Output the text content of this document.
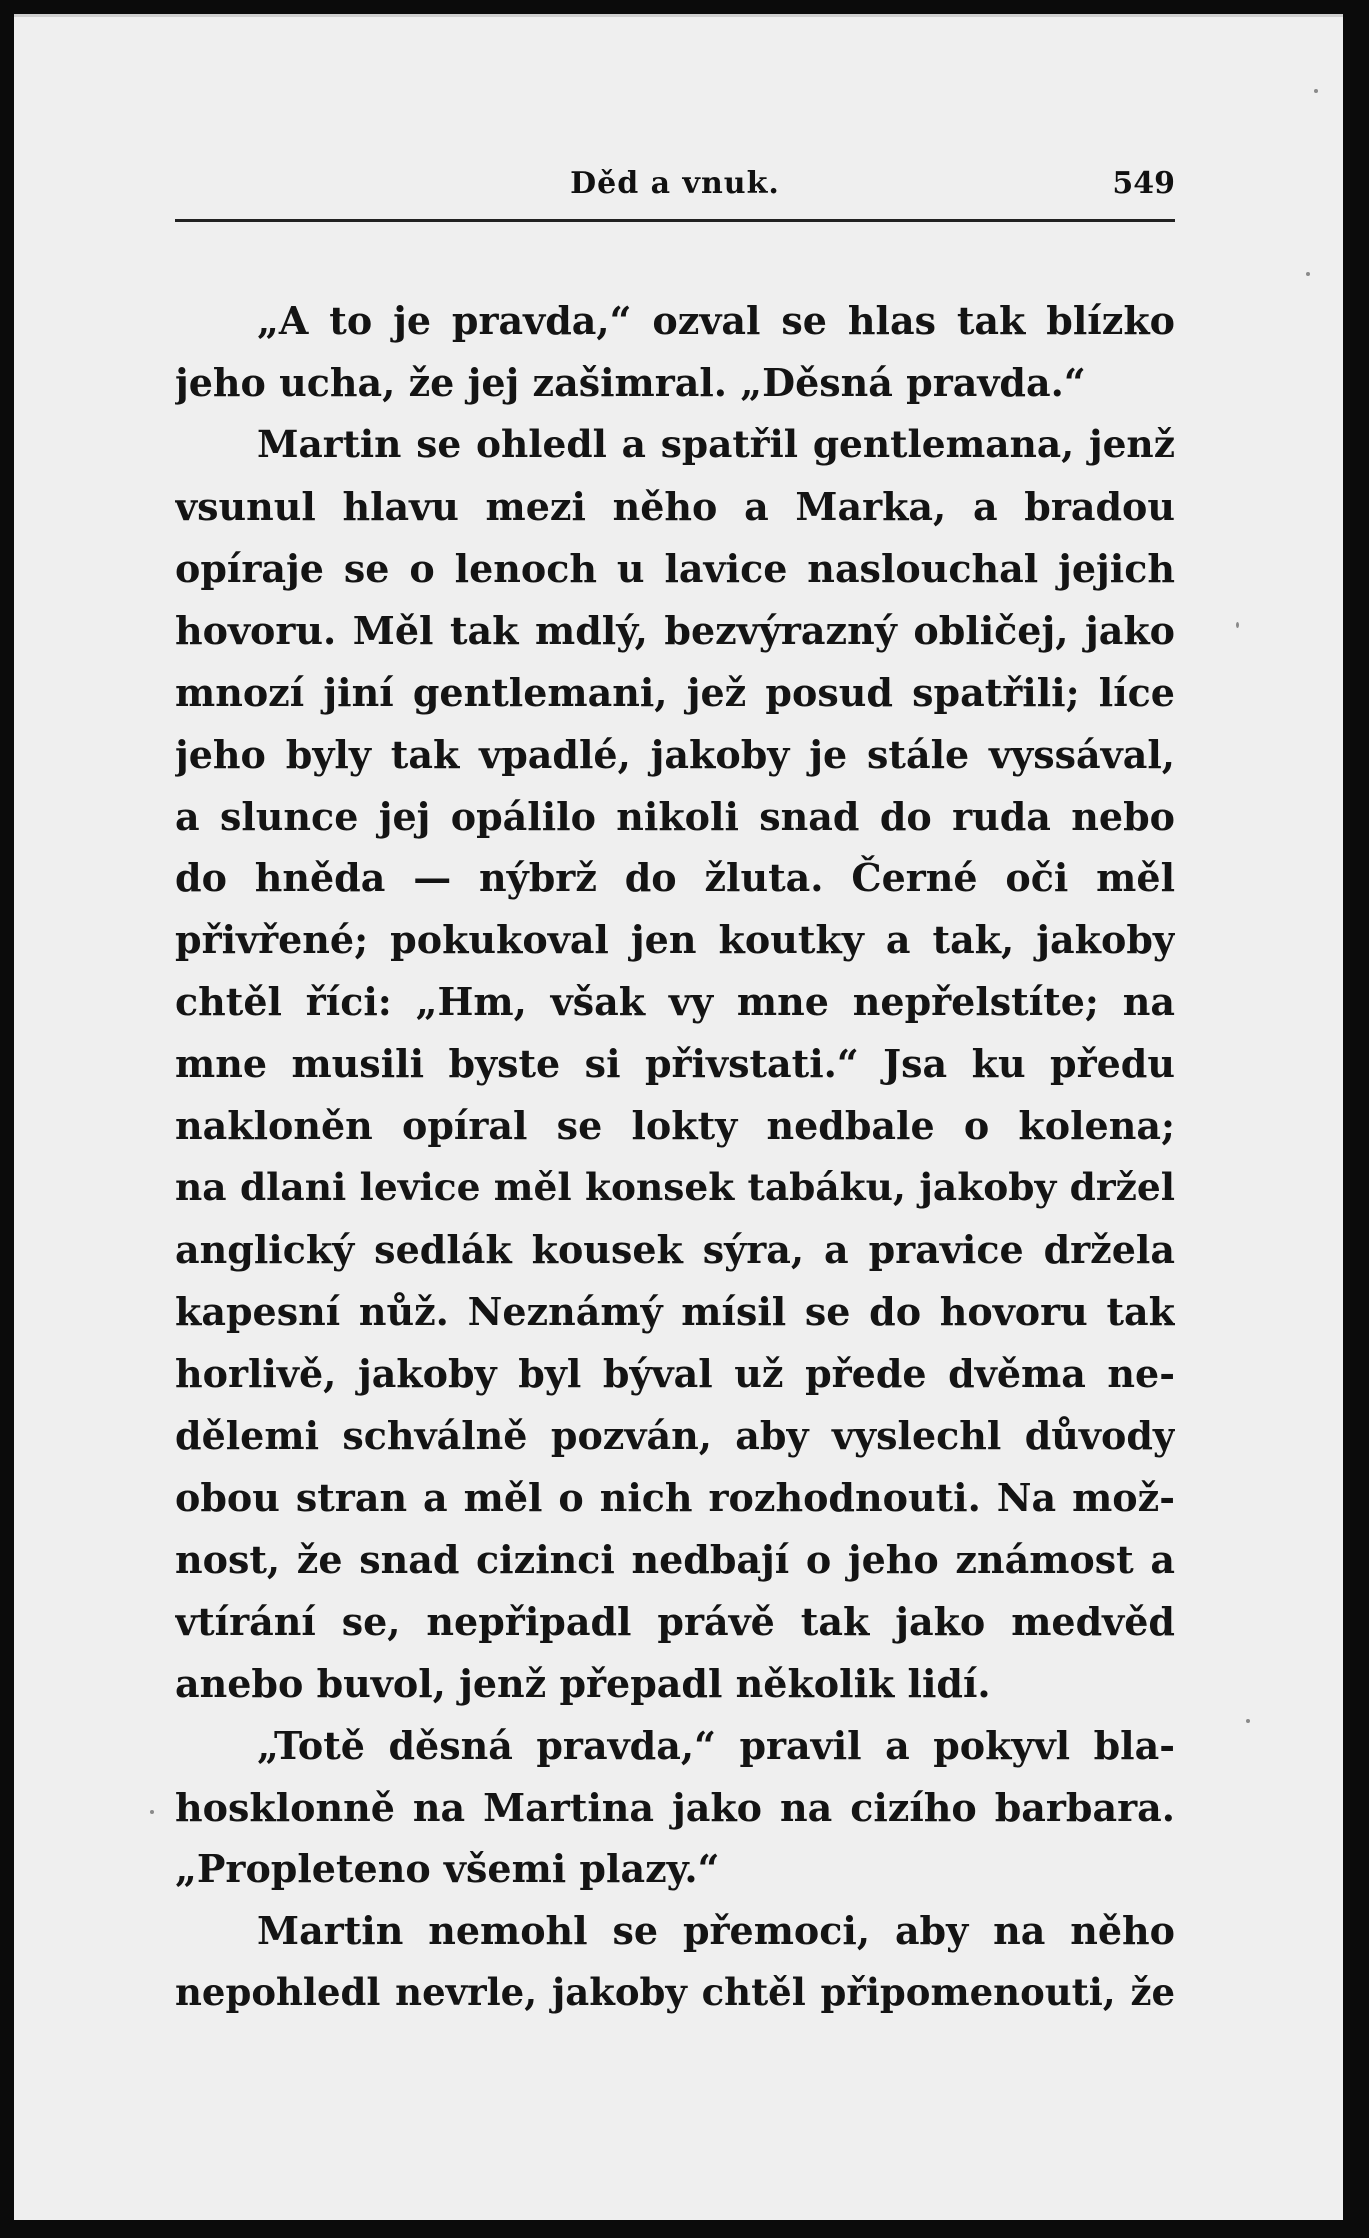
Děd a vnuk.	549
„A to je pravda,“ ozval se hlas tak blízko
jeho ucha, že jej zašimral. „Děsná pravda.“
Martin se ohledl a spatřil gentlemana, jenž
vsunul hlavu mezi něho a Marka, a bradou
opíraje se o lenoch u lavice naslouchal jejich
hovoru. Měl tak mdlý, bezvýrazný obličej, jako
mnozí jiní gentlemani, jež posud spatřili; líce
jeho byly tak vpadlé, jakoby je stále vyssával,
a slunce jej opálilo nikoli snad do ruda nebo
do hněda — nýbrž do žluta. Černé oči měl
přivřené; pokukoval jen koutky a tak, jakoby
chtěl říci: „Hm, však vy mne nepřelstíte; na
mne musili byste si přivstati.“ Jsa ku předu
nakloněn opíral se lokty nedbale o kolena;
na dlani levice měl konsek tabáku, jakoby držel
anglický sedlák kousek sýra, a pravice držela
kapesní nůž. Neznámý mísil se do hovoru tak
horlivě, jakoby byl býval už přede dvěma ne-
dělemi schválně pozván, aby vyslechl důvody
obou stran a měl o nich rozhodnouti. Na mož-
nost, že snad cizinci nedbají o jeho známost a
vtírání se, nepřipadl právě tak jako medvěd
anebo buvol, jenž přepadl několik lidí.
„Totě děsná pravda,“ pravil a pokyvl bla-
hosklonně na Martina jako na cizího barbara.
„Propleteno všemi plazy.“
Martin nemohl se přemoci, aby na něho
nepohledl nevrle, jakoby chtěl připomenouti, že
